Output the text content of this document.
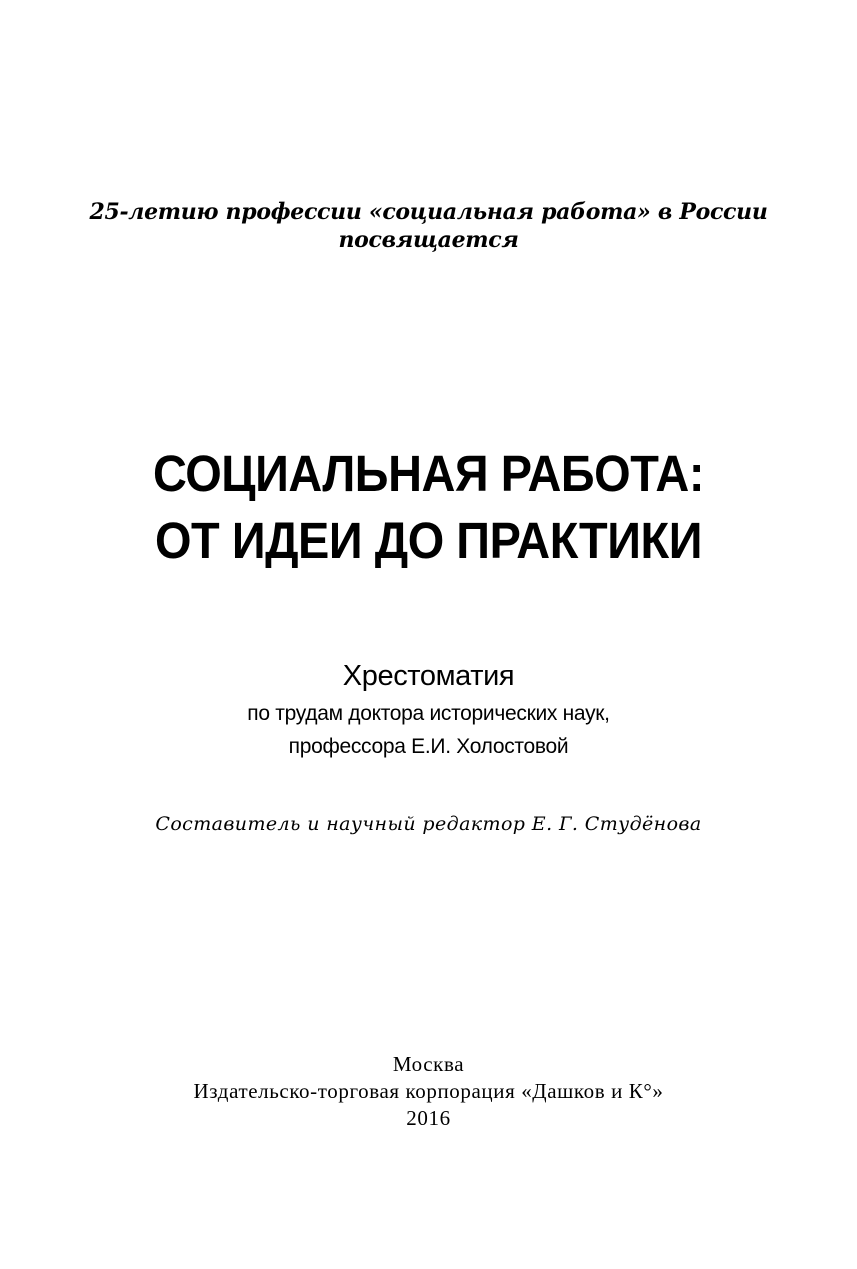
25-летию профессии «социальная работа» в России
посвящается
СОЦИАЛЬНАЯ РАБОТА:
ОТ ИДЕИ ДО ПРАКТИКИ
Хрестоматия
по трудам доктора исторических наук,
профессора Е.И. Холостовой
Составитель и научный редактор Е. Г. Студёнова
Москва
Издательско-торговая корпорация «Дашков и К°»
2016
